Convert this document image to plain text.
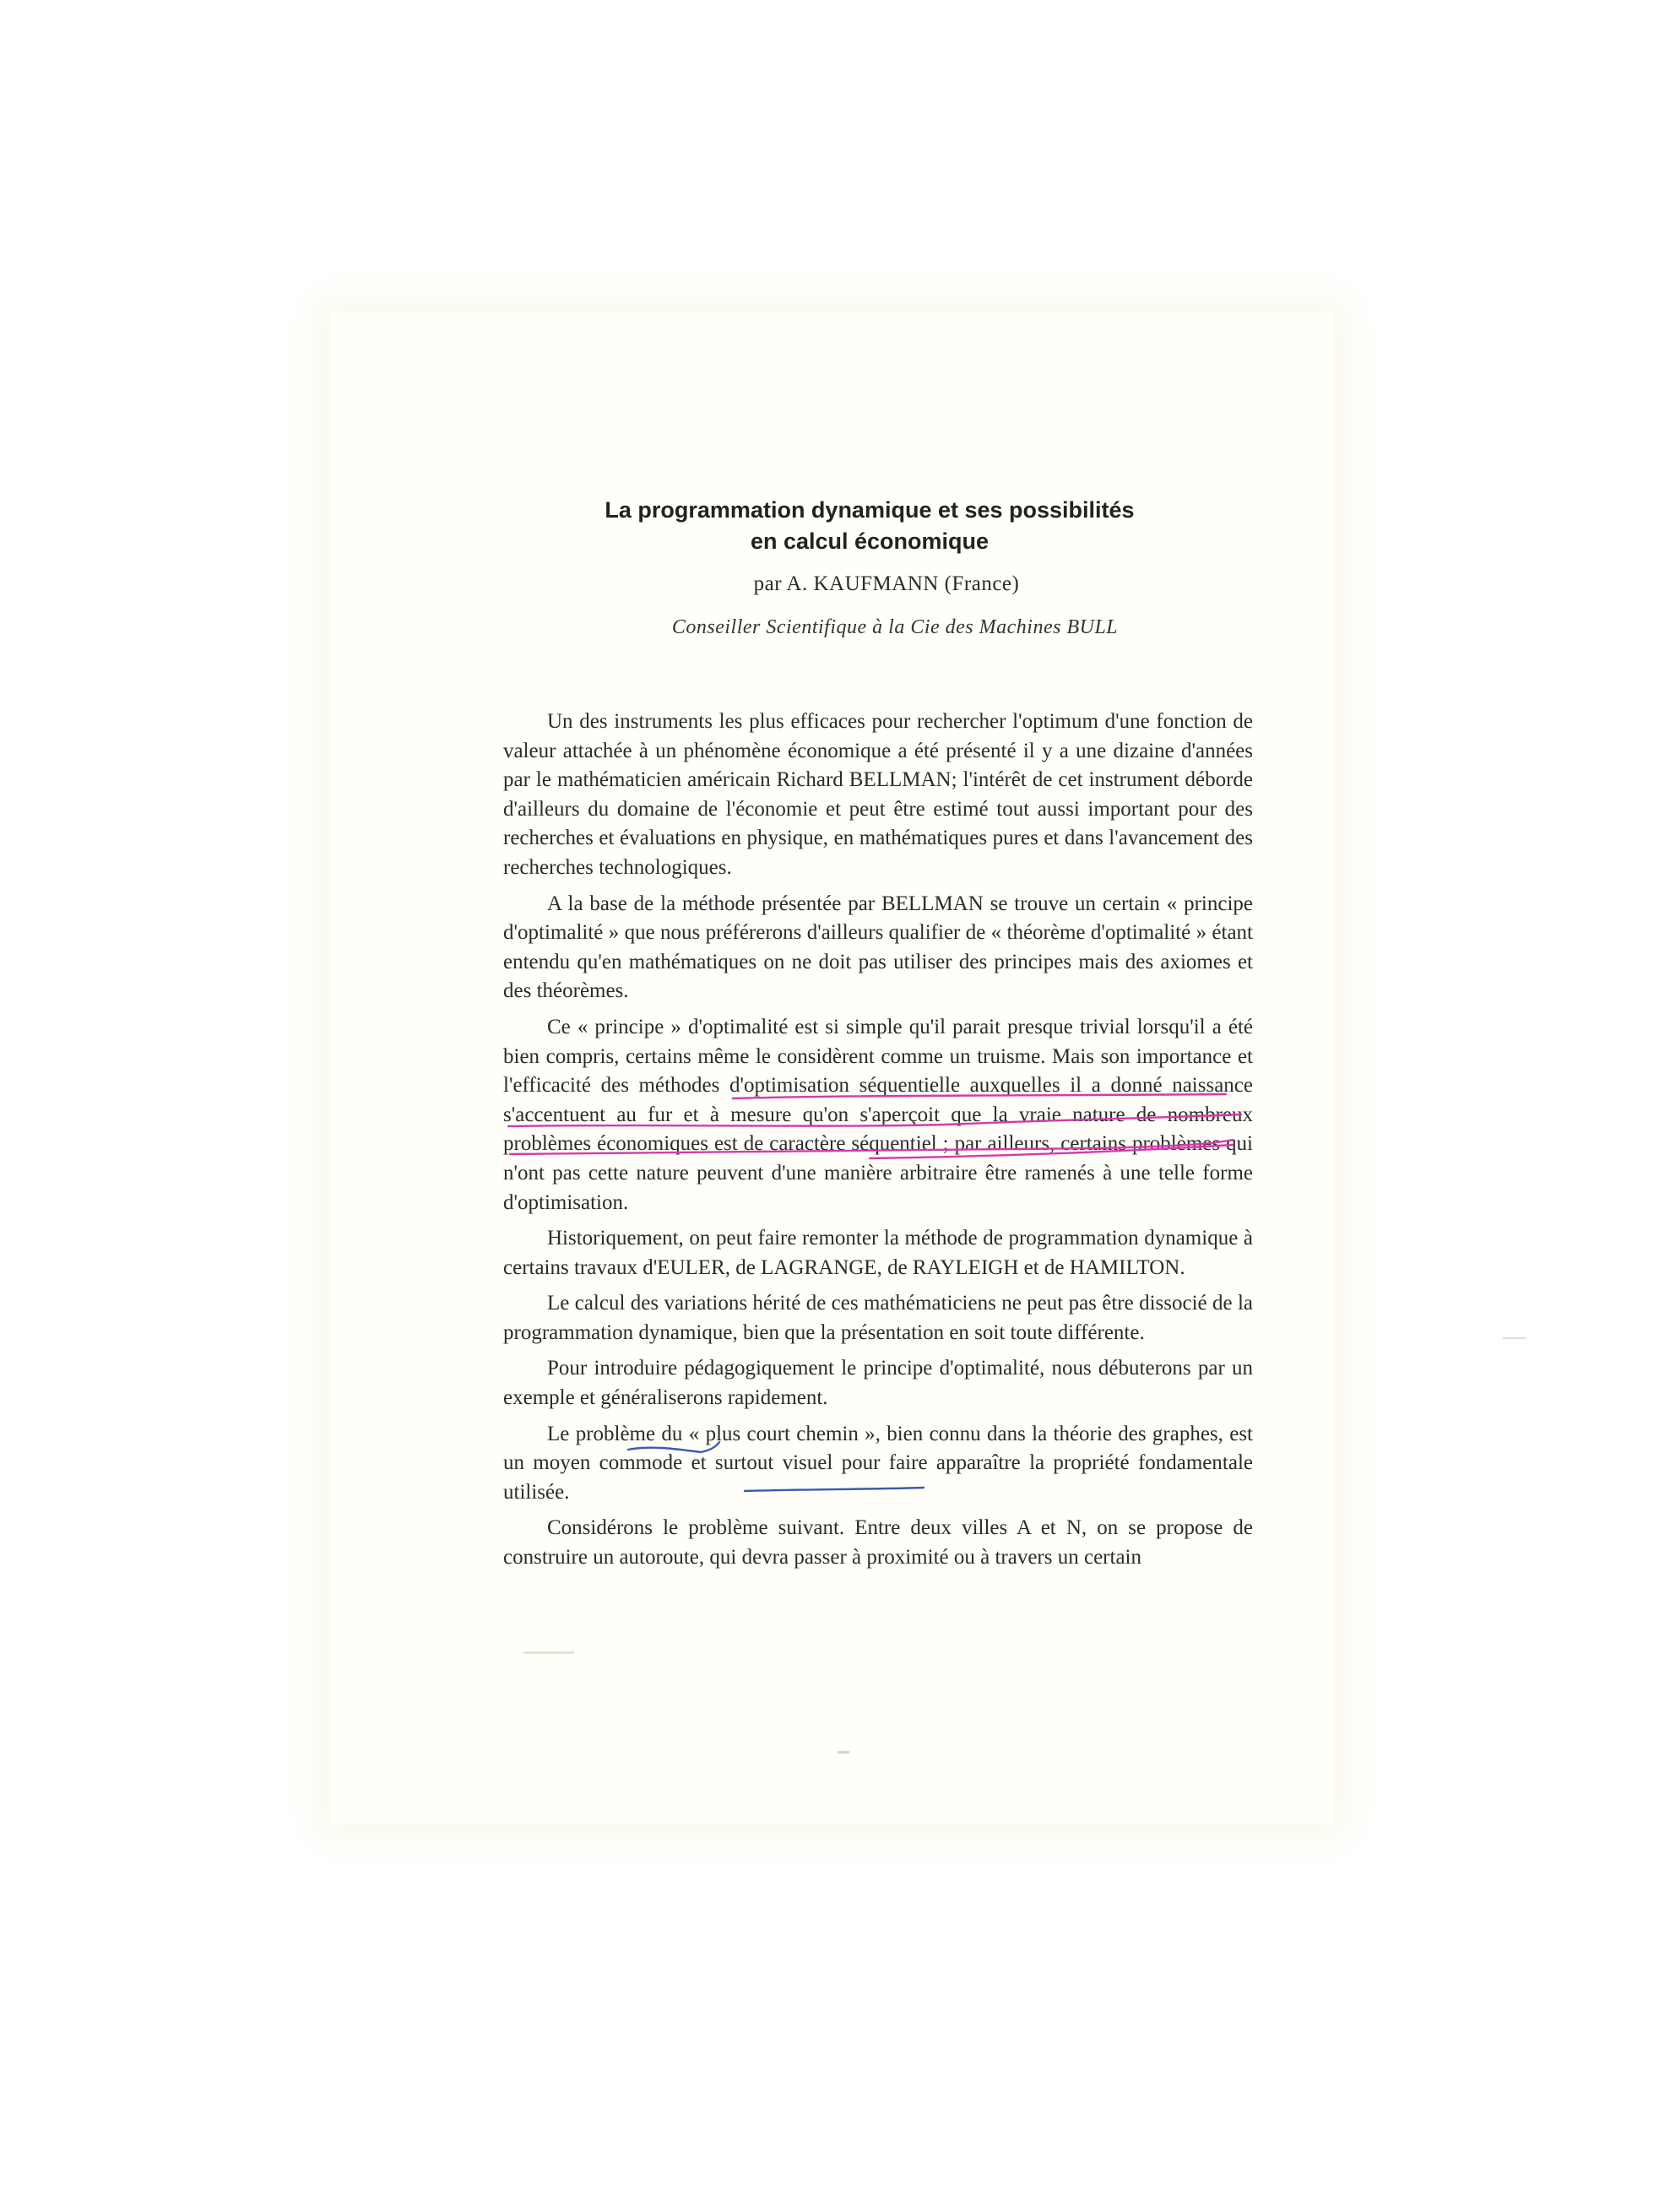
La programmation dynamique et ses possibilités
en calcul économique
par A. KAUFMANN (France)
Conseiller Scientifique à la Cie des Machines BULL

Un des instruments les plus efficaces pour rechercher l'optimum d'une fonction de valeur attachée à un phénomène économique a été présenté il y a une dizaine d'années par le mathématicien américain Richard BELLMAN; l'intérêt de cet instrument déborde d'ailleurs du domaine de l'économie et peut être estimé tout aussi important pour des recherches et évaluations en physique, en mathématiques pures et dans l'avancement des recherches technologiques.

A la base de la méthode présentée par BELLMAN se trouve un certain « principe d'optimalité » que nous préférerons d'ailleurs qualifier de « théorème d'optimalité » étant entendu qu'en mathématiques on ne doit pas utiliser des principes mais des axiomes et des théorèmes.

Ce « principe » d'optimalité est si simple qu'il parait presque trivial lorsqu'il a été bien compris, certains même le considèrent comme un truisme. Mais son importance et l'efficacité des méthodes d'optimisation séquentielle auxquelles il a donné naissance s'accentuent au fur et à mesure qu'on s'aperçoit que la vraie nature de nombreux problèmes économiques est de caractère séquentiel ; par ailleurs, certains problèmes qui n'ont pas cette nature peuvent d'une manière arbitraire être ramenés à une telle forme d'optimisation.

Historiquement, on peut faire remonter la méthode de programmation dynamique à certains travaux d'EULER, de LAGRANGE, de RAYLEIGH et de HAMILTON.

Le calcul des variations hérité de ces mathématiciens ne peut pas être dissocié de la programmation dynamique, bien que la présentation en soit toute différente.

Pour introduire pédagogiquement le principe d'optimalité, nous débuterons par un exemple et généraliserons rapidement.

Le problème du « plus court chemin », bien connu dans la théorie des graphes, est un moyen commode et surtout visuel pour faire apparaître la propriété fondamentale utilisée.

Considérons le problème suivant. Entre deux villes A et N, on se propose de construire un autoroute, qui devra passer à proximité ou à travers un certain
